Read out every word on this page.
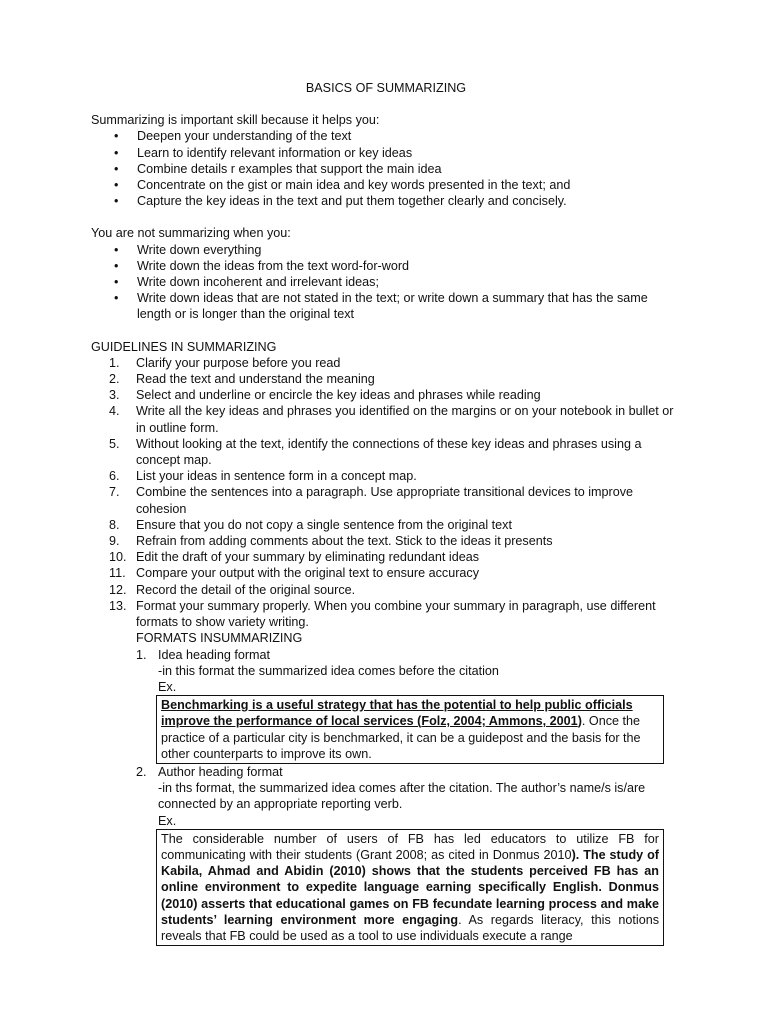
BASICS OF SUMMARIZING

Summarizing is important skill because it helps you:

• Deepen your understanding of the text
• Learn to identify relevant information or key ideas
• Combine details r examples that support the main idea
• Concentrate on the gist or main idea and key words presented in the text; and
• Capture the key ideas in the text and put them together clearly and concisely.

You are not summarizing when you:

• Write down everything
• Write down the ideas from the text word-for-word
• Write down incoherent and irrelevant ideas;
• Write down ideas that are not stated in the text; or write down a summary that has the same length or is longer than the original text

GUIDELINES IN SUMMARIZING

1.	Clarify your purpose before you read
2.	Read the text and understand the meaning
3.	Select and underline or encircle the key ideas and phrases while reading
4.	Write all the key ideas and phrases you identified on the margins or on your notebook in bullet or in outline form.
5.	Without looking at the text, identify the connections of these key ideas and phrases using a concept map.
6.	List your ideas in sentence form in a concept map.
7.	Combine the sentences into a paragraph. Use appropriate transitional devices to improve cohesion
8.	Ensure that you do not copy a single sentence from the original text
9.	Refrain from adding comments about the text. Stick to the ideas it presents
10. Edit the draft of your summary by eliminating redundant ideas
11. Compare your output with the original text to ensure accuracy
12. Record the detail of the original source.
13. Format your summary properly. When you combine your summary in paragraph, use different formats to show variety writing.

FORMATS INSUMMARIZING

1. Idea heading format

-in this format the summarized idea comes before the citation

Ex.

Benchmarking is a useful strategy that has the potential to help public officials improve the performance of local services (Folz, 2004; Ammons, 2001). Once the practice of a particular city is benchmarked, it can be a guidepost and the basis for the other counterparts to improve its own.
2. Author heading format

-in ths format, the summarized idea comes after the citation. The author’s name/s is/are connected by an appropriate reporting verb.

Ex.

The considerable number of users of FB has led educators to utilize FB for communicating with their students (Grant 2008; as cited in Donmus 2010). The study of Kabila, Ahmad and Abidin (2010) shows that the students perceived FB has an online environment to expedite language earning specifically English. Donmus (2010) asserts that educational games on FB fecundate learning process and make students’ learning environment more engaging. As regards literacy, this notions reveals that FB could be used as a tool to use individuals execute a range
